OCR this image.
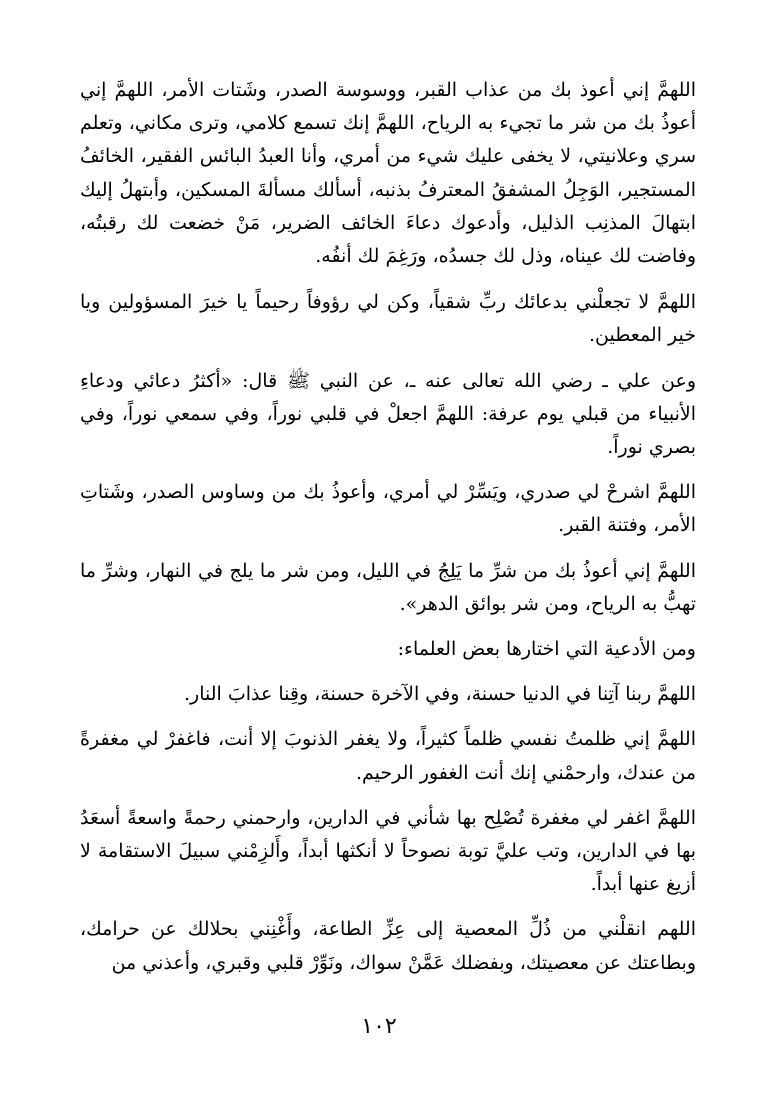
اللهمَّ إني أعوذ بك من عذاب القبر، ووسوسة الصدر، وشَتات الأمر، اللهمَّ إني أعوذُ بك من شر ما تجيء به الرياح، اللهمَّ إنك تسمع كلامي، وترى مكاني، وتعلم سري وعلانيتي، لا يخفى عليك شيء من أمري، وأنا العبدُ البائس الفقير، الخائفُ المستجير، الوَجِلُ المشفقُ المعترفُ بذنبه، أسألك مسألةَ المسكين، وأبتهلُ إليك ابتهالَ المذنِب الذليل، وأدعوك دعاءَ الخائف الضرير، مَنْ خضعت لك رقبتُه، وفاضت لك عيناه، وذل لك جسدُه، ورَغِمَ لك أنفُه.

اللهمَّ لا تجعلْني بدعائك ربِّ شقياً، وكن لي رؤوفاً رحيماً يا خيرَ المسؤولين ويا خير المعطين.

وعن علي ـ رضي الله تعالى عنه ـ، عن النبي ﷺ قال: «أكثرُ دعائي ودعاءِ الأنبياء من قبلي يوم عرفة: اللهمَّ اجعلْ في قلبي نوراً، وفي سمعي نوراً، وفي بصري نوراً.

اللهمَّ اشرحْ لي صدري، ويَسِّرْ لي أمري، وأعوذُ بك من وساوس الصدر، وشَتاتِ الأمر، وفتنة القبر.

اللهمَّ إني أعوذُ بك من شرِّ ما يَلِجُ في الليل، ومن شر ما يلج في النهار، وشرِّ ما تهبُّ به الرياح، ومن شر بوائق الدهر».

ومن الأدعية التي اختارها بعض العلماء:

اللهمَّ ربنا آتِنا في الدنيا حسنة، وفي الآخرة حسنة، وقِنا عذابَ النار.

اللهمَّ إني ظلمتُ نفسي ظلماً كثيراً، ولا يغفر الذنوبَ إلا أنت، فاغفرْ لي مغفرةً من عندك، وارحمْني إنك أنت الغفور الرحيم.

اللهمَّ اغفر لي مغفرة تُصْلِح بها شأني في الدارين، وارحمني رحمةً واسعةً أسعَدُ بها في الدارين، وتب عليَّ توبة نصوحاً لا أنكثها أبداً، وأَلزِمْني سبيلَ الاستقامة لا أزيغ عنها أبداً.

اللهم انقلْني من ذُلِّ المعصية إلى عِزِّ الطاعة، وأَغْنِني بحلالك عن حرامك، وبطاعتك عن معصيتك، وبفضلك عَمَّنْ سواك، ونَوِّرْ قلبي وقبري، وأعذني من

١٠٢
